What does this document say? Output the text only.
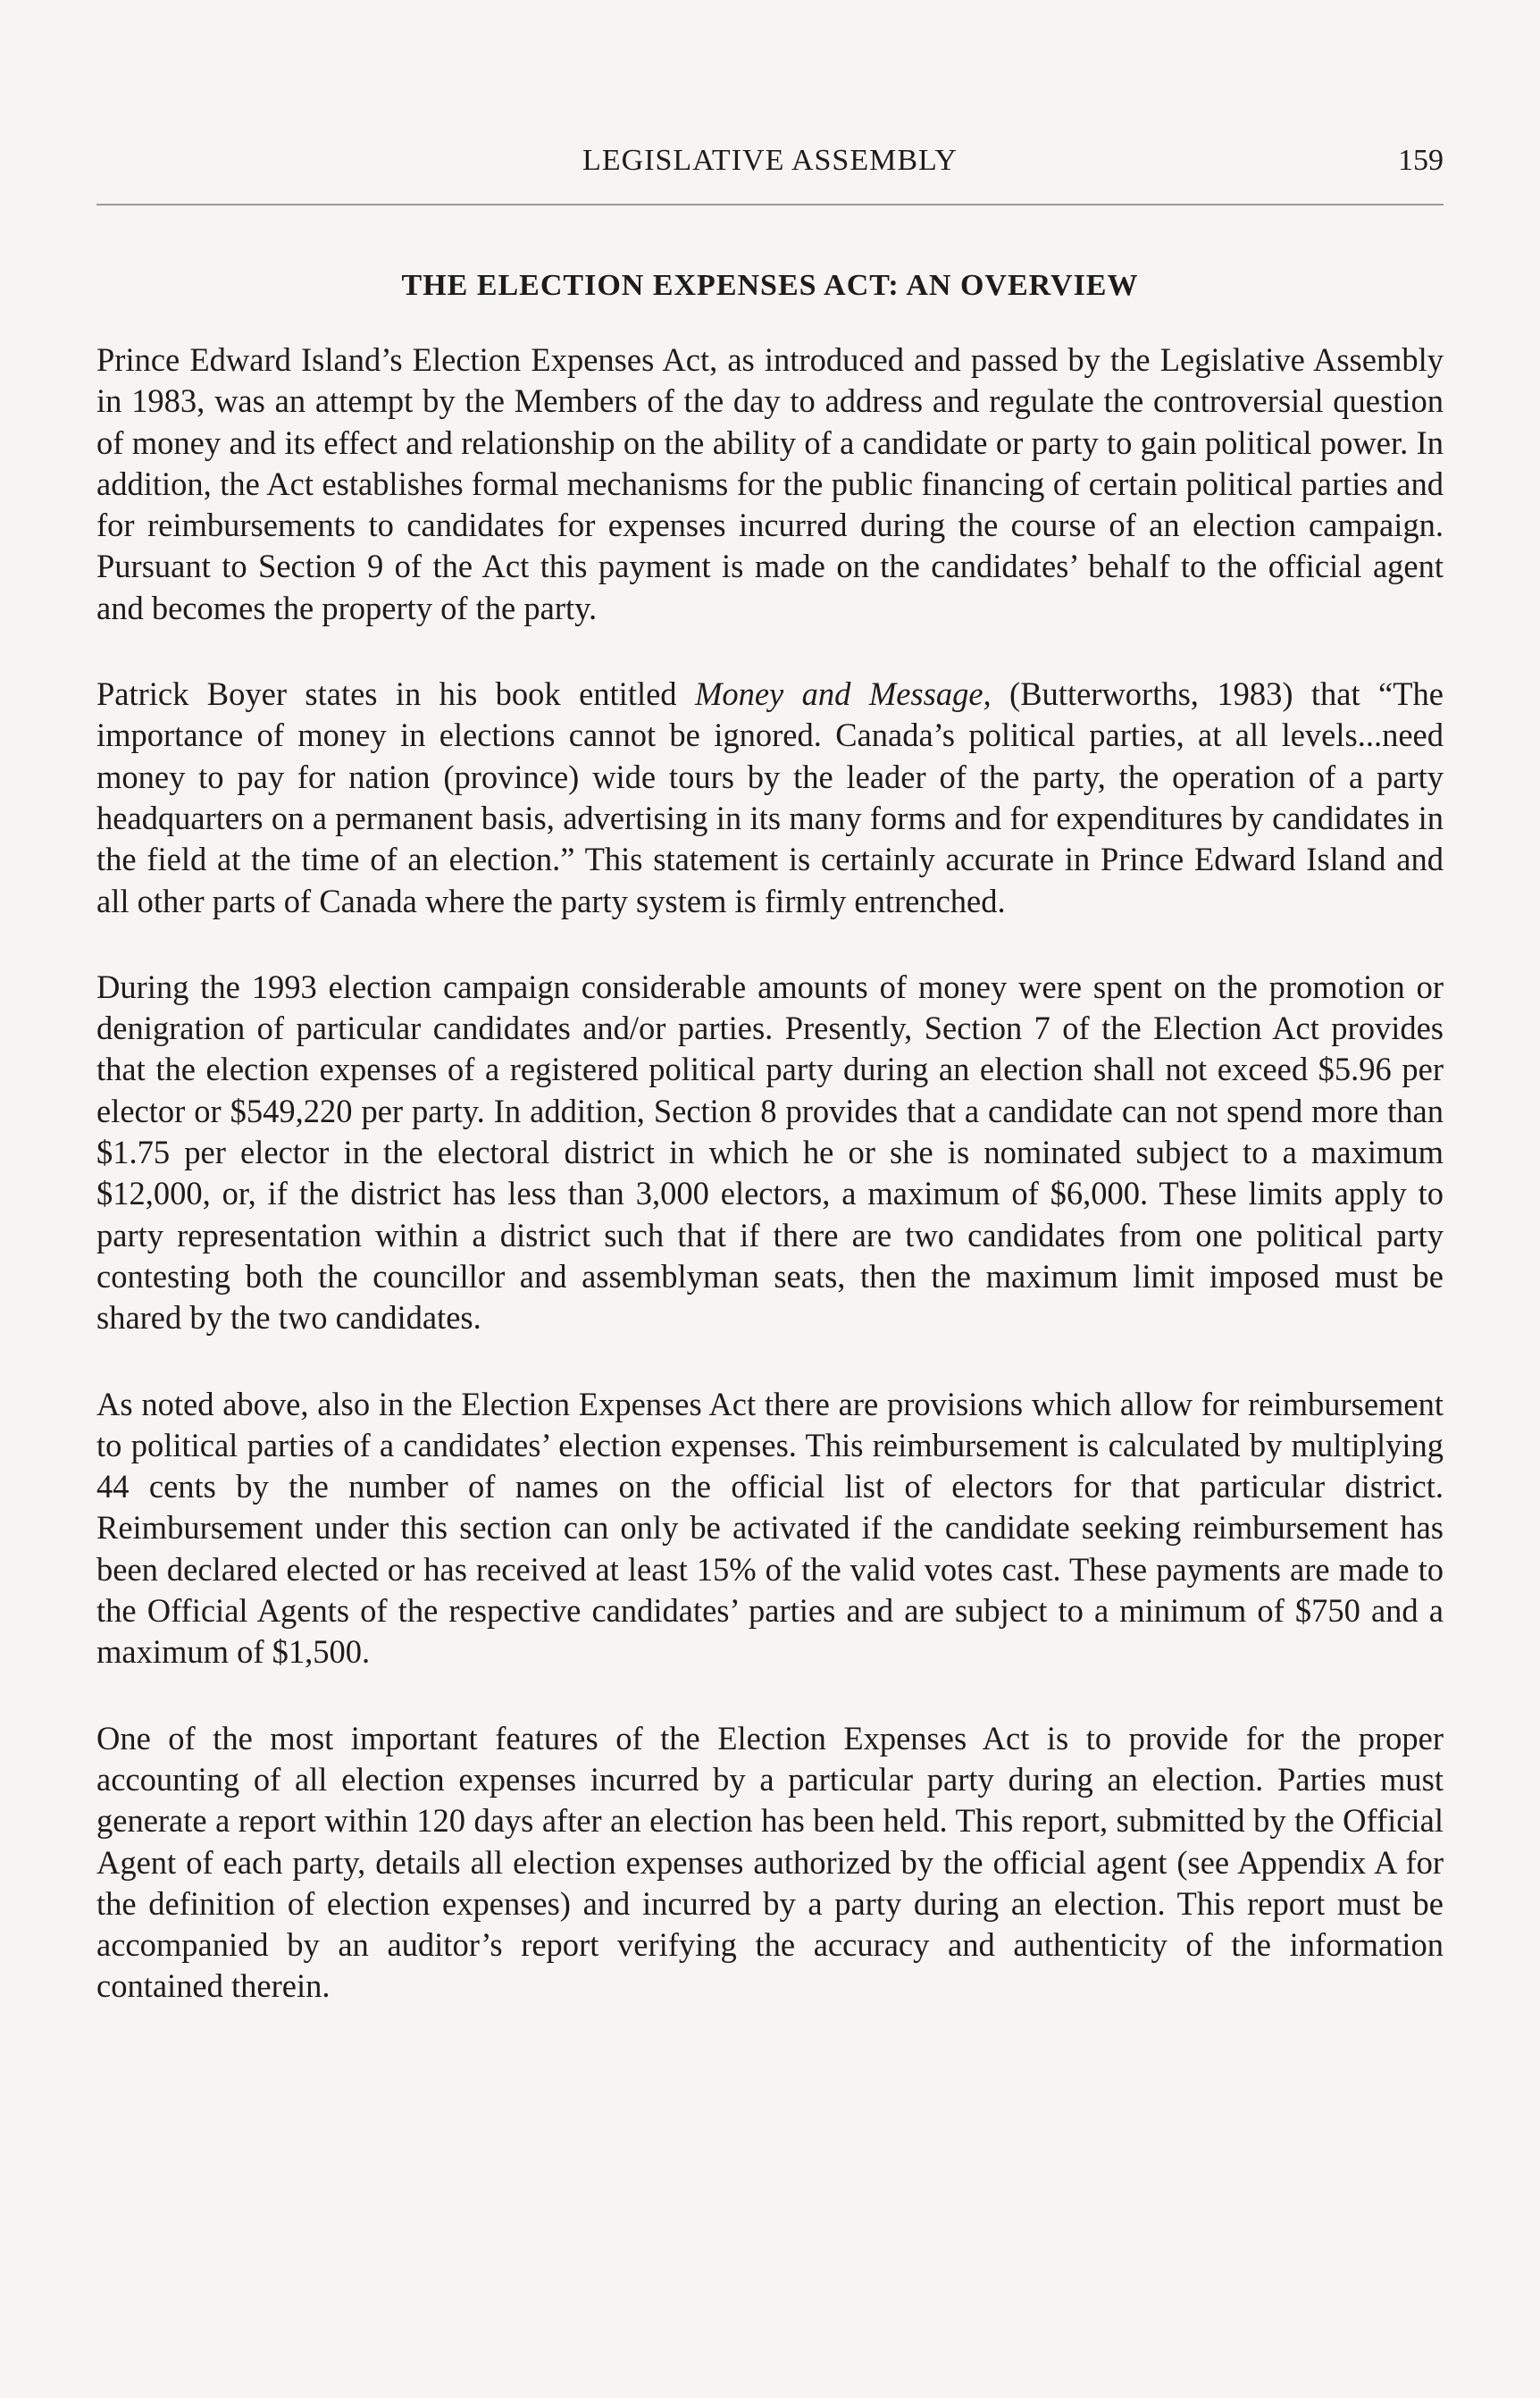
LEGISLATIVE ASSEMBLY	159
THE ELECTION EXPENSES ACT: AN OVERVIEW

Prince Edward Island’s Election Expenses Act, as introduced and passed by the Legislative Assembly in 1983, was an attempt by the Members of the day to address and regulate the controversial question of money and its effect and relationship on the ability of a candidate or party to gain political power. In addition, the Act establishes formal mechanisms for the public financing of certain political parties and for reimbursements to candidates for expenses incurred during the course of an election campaign. Pursuant to Section 9 of the Act this payment is made on the candidates’ behalf to the official agent and becomes the property of the party.

Patrick Boyer states in his book entitled Money and Message, (Butterworths, 1983) that “The importance of money in elections cannot be ignored. Canada’s political parties, at all levels...need money to pay for nation (province) wide tours by the leader of the party, the operation of a party headquarters on a permanent basis, advertising in its many forms and for expenditures by candidates in the field at the time of an election.” This statement is certainly accurate in Prince Edward Island and all other parts of Canada where the party system is firmly entrenched.

During the 1993 election campaign considerable amounts of money were spent on the promotion or denigration of particular candidates and/or parties. Presently, Section 7 of the Election Act provides that the election expenses of a registered political party during an election shall not exceed $5.96 per elector or $549,220 per party. In addition, Section 8 provides that a candidate can not spend more than $1.75 per elector in the electoral district in which he or she is nominated subject to a maximum $12,000, or, if the district has less than 3,000 electors, a maximum of $6,000. These limits apply to party representation within a district such that if there are two candidates from one political party contesting both the councillor and assemblyman seats, then the maximum limit imposed must be shared by the two candidates.

As noted above, also in the Election Expenses Act there are provisions which allow for reimbursement to political parties of a candidates’ election expenses. This reimbursement is calculated by multiplying 44 cents by the number of names on the official list of electors for that particular district. Reimbursement under this section can only be activated if the candidate seeking reimbursement has been declared elected or has received at least 15% of the valid votes cast. These payments are made to the Official Agents of the respective candidates’ parties and are subject to a minimum of $750 and a maximum of $1,500.

One of the most important features of the Election Expenses Act is to provide for the proper accounting of all election expenses incurred by a particular party during an election. Parties must generate a report within 120 days after an election has been held. This report, submitted by the Official Agent of each party, details all election expenses authorized by the official agent (see Appendix A for the definition of election expenses) and incurred by a party during an election. This report must be accompanied by an auditor’s report verifying the accuracy and authenticity of the information contained therein.
